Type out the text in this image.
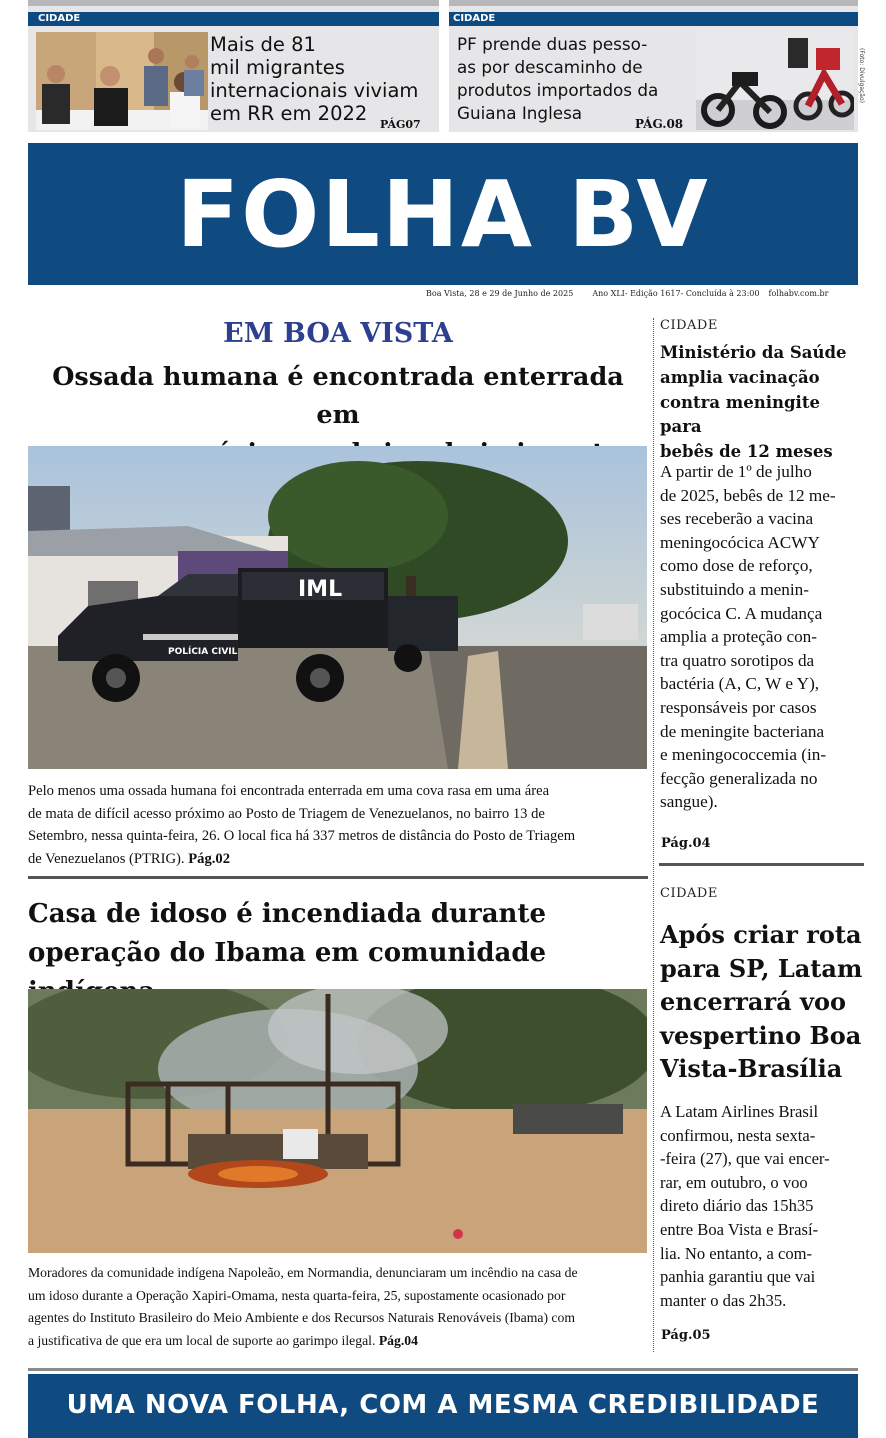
CIDADE
Mais de 81
mil migrantes
internacionais viviam
em RR em 2022	PÁG07
CIDADE
PF prende duas pesso-
as por descaminho de
produtos importados da
Guiana Inglesa
PÁG.08
(Foto: Divulgação)
FOLHA BV
Boa Vista, 28 e 29 de Junho de 2025 Ano XLI- Edição 1617- Concluída à 23:00 folhabv.com.br
EM BOA VISTA
Ossada humana é encontrada enterrada em
IML
POLÍCIA CIVIL
Pelo menos uma ossada humana foi encontrada enterrada em uma cova rasa em uma área
de mata de difícil acesso próximo ao Posto de Triagem de Venezuelanos, no bairro 13 de
Setembro, nessa quinta-feira, 26. O local fica há 337 metros de distância do Posto de Triagem
de Venezuelanos (PTRIG). Pág.02
Casa de idoso é incendiada durante
operação do Ibama em comunidade
Moradores da comunidade indígena Napoleão, em Normandia, denunciaram um incêndio na casa de
um idoso durante a Operação Xapiri-Omama, nesta quarta-feira, 25, supostamente ocasionado por
agentes do Instituto Brasileiro do Meio Ambiente e dos Recursos Naturais Renováveis (Ibama) com
a justificativa de que era um local de suporte ao garimpo ilegal. Pág.04
CIDADE
Ministério da Saúde
amplia vacinação
contra meningite para
bebês de 12 meses
A partir de 1º de julho
de 2025, bebês de 12 me-
ses receberão a vacina
meningocócica ACWY
como dose de reforço,
substituindo a menin-
gocócica C. A mudança
amplia a proteção con-
tra quatro sorotipos da
bactéria (A, C, W e Y),
responsáveis por casos
de meningite bacteriana
e meningococcemia (in-
fecção generalizada no
sangue).
Pág.04
CIDADE
Após criar rota
para SP, Latam
encerrará voo
vespertino Boa
Vista-Brasília
A Latam Airlines Brasil
confirmou, nesta sexta-
-feira (27), que vai encer-
rar, em outubro, o voo
direto diário das 15h35
entre Boa Vista e Brasí-
lia. No entanto, a com-
panhia garantiu que vai
manter o das 2h35.
Pág.05
UMA NOVA FOLHA, COM A MESMA CREDIBILIDADE
